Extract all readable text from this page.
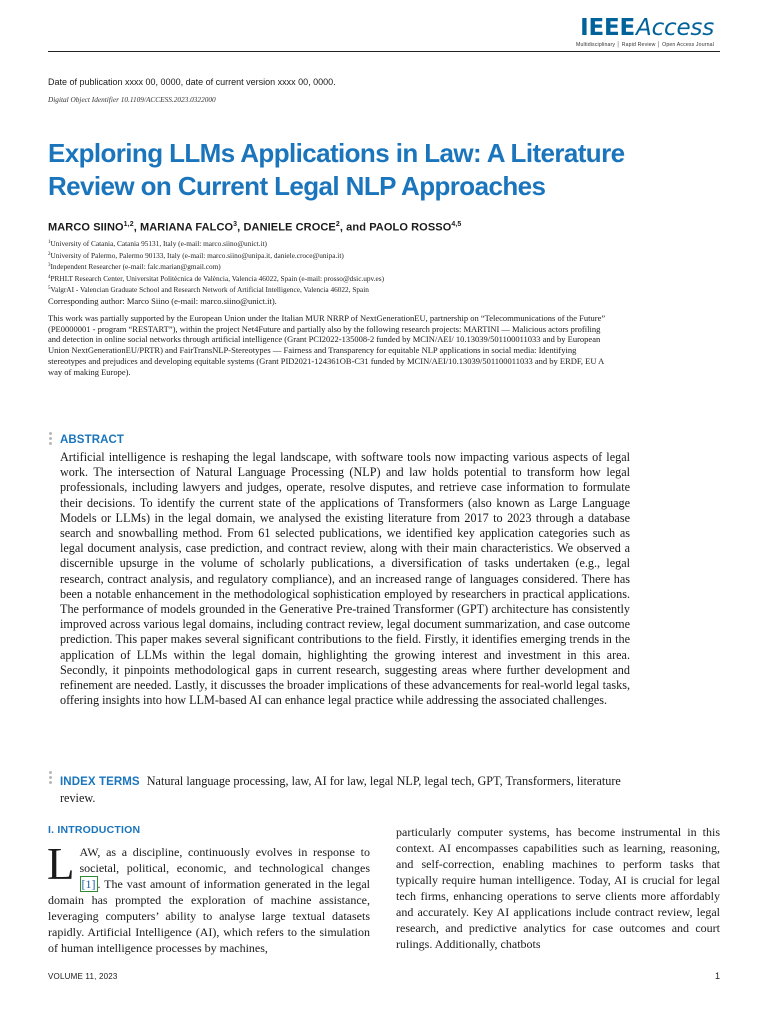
IEEEAccess
Multidisciplinary │ Rapid Review │ Open Access Journal
Date of publication xxxx 00, 0000, date of current version xxxx 00, 0000.
Digital Object Identifier 10.1109/ACCESS.2023.0322000
Exploring LLMs Applications in Law: A Literature Review on Current Legal NLP Approaches
MARCO SIINO$^{1,2}$, MARIANA FALCO$^3$, DANIELE CROCE$^2$, and PAOLO ROSSO$^{4,5}$
$^1$University of Catania, Catania 95131, Italy (e-mail: marco.siino@unict.it)
$^2$University of Palermo, Palermo 90133, Italy (e-mail: marco.siino@unipa.it, daniele.croce@unipa.it)
$^3$Independent Researcher (e-mail: falc.marian@gmail.com)
$^4$PRHLT Research Center, Universitat Politècnica de València, Valencia 46022, Spain (e-mail: prosso@dsic.upv.es)
$^5$ValgrAI - Valencian Graduate School and Research Network of Artificial Intelligence, Valencia 46022, Spain
Corresponding author: Marco Siino (e-mail: marco.siino@unict.it).
This work was partially supported by the European Union under the Italian MUR NRRP of NextGenerationEU, partnership on “Telecommunications of the Future” (PE0000001 - program “RESTART”), within the project Net4Future and partially also by the following research projects: MARTINI — Malicious actors profiling and detection in online social networks through artificial intelligence (Grant PCI2022-135008-2 funded by MCIN/AEI/ 10.13039/501100011033 and by European Union NextGenerationEU/PRTR) and FairTransNLP-Stereotypes — Fairness and Transparency for equitable NLP applications in social media: Identifying stereotypes and prejudices and developing equitable systems (Grant PID2021-124361OB-C31 funded by MCIN/AEI/10.13039/501100011033 and by ERDF, EU A way of making Europe).
ABSTRACT
Artificial intelligence is reshaping the legal landscape, with software tools now impacting various aspects of legal work. The intersection of Natural Language Processing (NLP) and law holds potential to transform how legal professionals, including lawyers and judges, operate, resolve disputes, and retrieve case information to formulate their decisions. To identify the current state of the applications of Transformers (also known as Large Language Models or LLMs) in the legal domain, we analysed the existing literature from 2017 to 2023 through a database search and snowballing method. From 61 selected publications, we identified key application categories such as legal document analysis, case prediction, and contract review, along with their main characteristics. We observed a discernible upsurge in the volume of scholarly publications, a diversification of tasks undertaken (e.g., legal research, contract analysis, and regulatory compliance), and an increased range of languages considered. There has been a notable enhancement in the methodological sophistication employed by researchers in practical applications. The performance of models grounded in the Generative Pre-trained Transformer (GPT) architecture has consistently improved across various legal domains, including contract review, legal document summarization, and case outcome prediction. This paper makes several significant contributions to the field. Firstly, it identifies emerging trends in the application of LLMs within the legal domain, highlighting the growing interest and investment in this area. Secondly, it pinpoints methodological gaps in current research, suggesting areas where further development and refinement are needed. Lastly, it discusses the broader implications of these advancements for real-world legal tasks, offering insights into how LLM-based AI can enhance legal practice while addressing the associated challenges.
INDEX TERMS Natural language processing, law, AI for law, legal NLP, legal tech, GPT, Transformers, literature review.
I. INTRODUCTION
LAW, as a discipline, continuously evolves in response to societal, political, economic, and technological changes [1] . The vast amount of information generated in the legal domain has prompted the exploration of machine assistance, leveraging computers’ ability to analyse large textual datasets rapidly. Artificial Intelligence (AI), which refers to the simulation of human intelligence processes by machines,
particularly computer systems, has become instrumental in this context. AI encompasses capabilities such as learning, reasoning, and self-correction, enabling machines to perform tasks that typically require human intelligence. Today, AI is crucial for legal tech firms, enhancing operations to serve clients more affordably and accurately. Key AI applications include contract review, legal research, and predictive analytics for case outcomes and court rulings. Additionally, chatbots
VOLUME 11, 2023	1
